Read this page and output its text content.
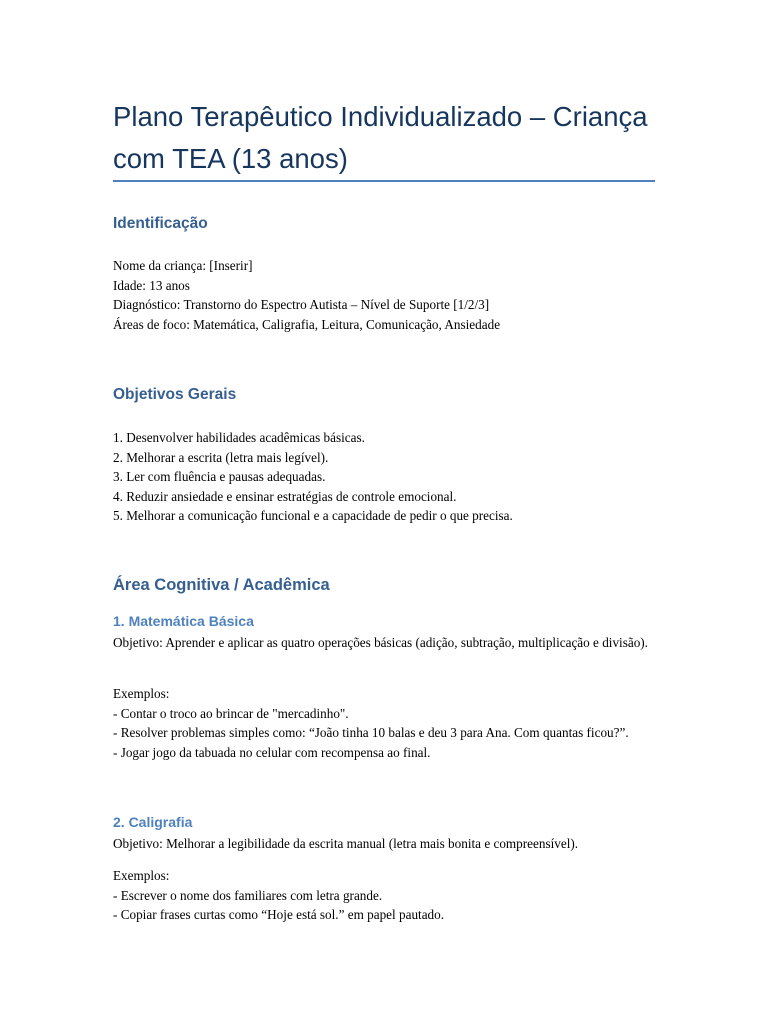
Plano Terapêutico Individualizado – Criança com TEA (13 anos)
Identificação
Nome da criança: [Inserir]
Idade: 13 anos
Diagnóstico: Transtorno do Espectro Autista – Nível de Suporte [1/2/3]
Áreas de foco: Matemática, Caligrafia, Leitura, Comunicação, Ansiedade
Objetivos Gerais
1. Desenvolver habilidades acadêmicas básicas.
2. Melhorar a escrita (letra mais legível).
3. Ler com fluência e pausas adequadas.
4. Reduzir ansiedade e ensinar estratégias de controle emocional.
5. Melhorar a comunicação funcional e a capacidade de pedir o que precisa.
Área Cognitiva / Acadêmica
1. Matemática Básica
Objetivo: Aprender e aplicar as quatro operações básicas (adição, subtração, multiplicação e divisão).
Exemplos:
- Contar o troco ao brincar de "mercadinho".
- Resolver problemas simples como: “João tinha 10 balas e deu 3 para Ana. Com quantas ficou?”.
- Jogar jogo da tabuada no celular com recompensa ao final.
2. Caligrafia
Objetivo: Melhorar a legibilidade da escrita manual (letra mais bonita e compreensível).
Exemplos:
- Escrever o nome dos familiares com letra grande.
- Copiar frases curtas como “Hoje está sol.” em papel pautado.
